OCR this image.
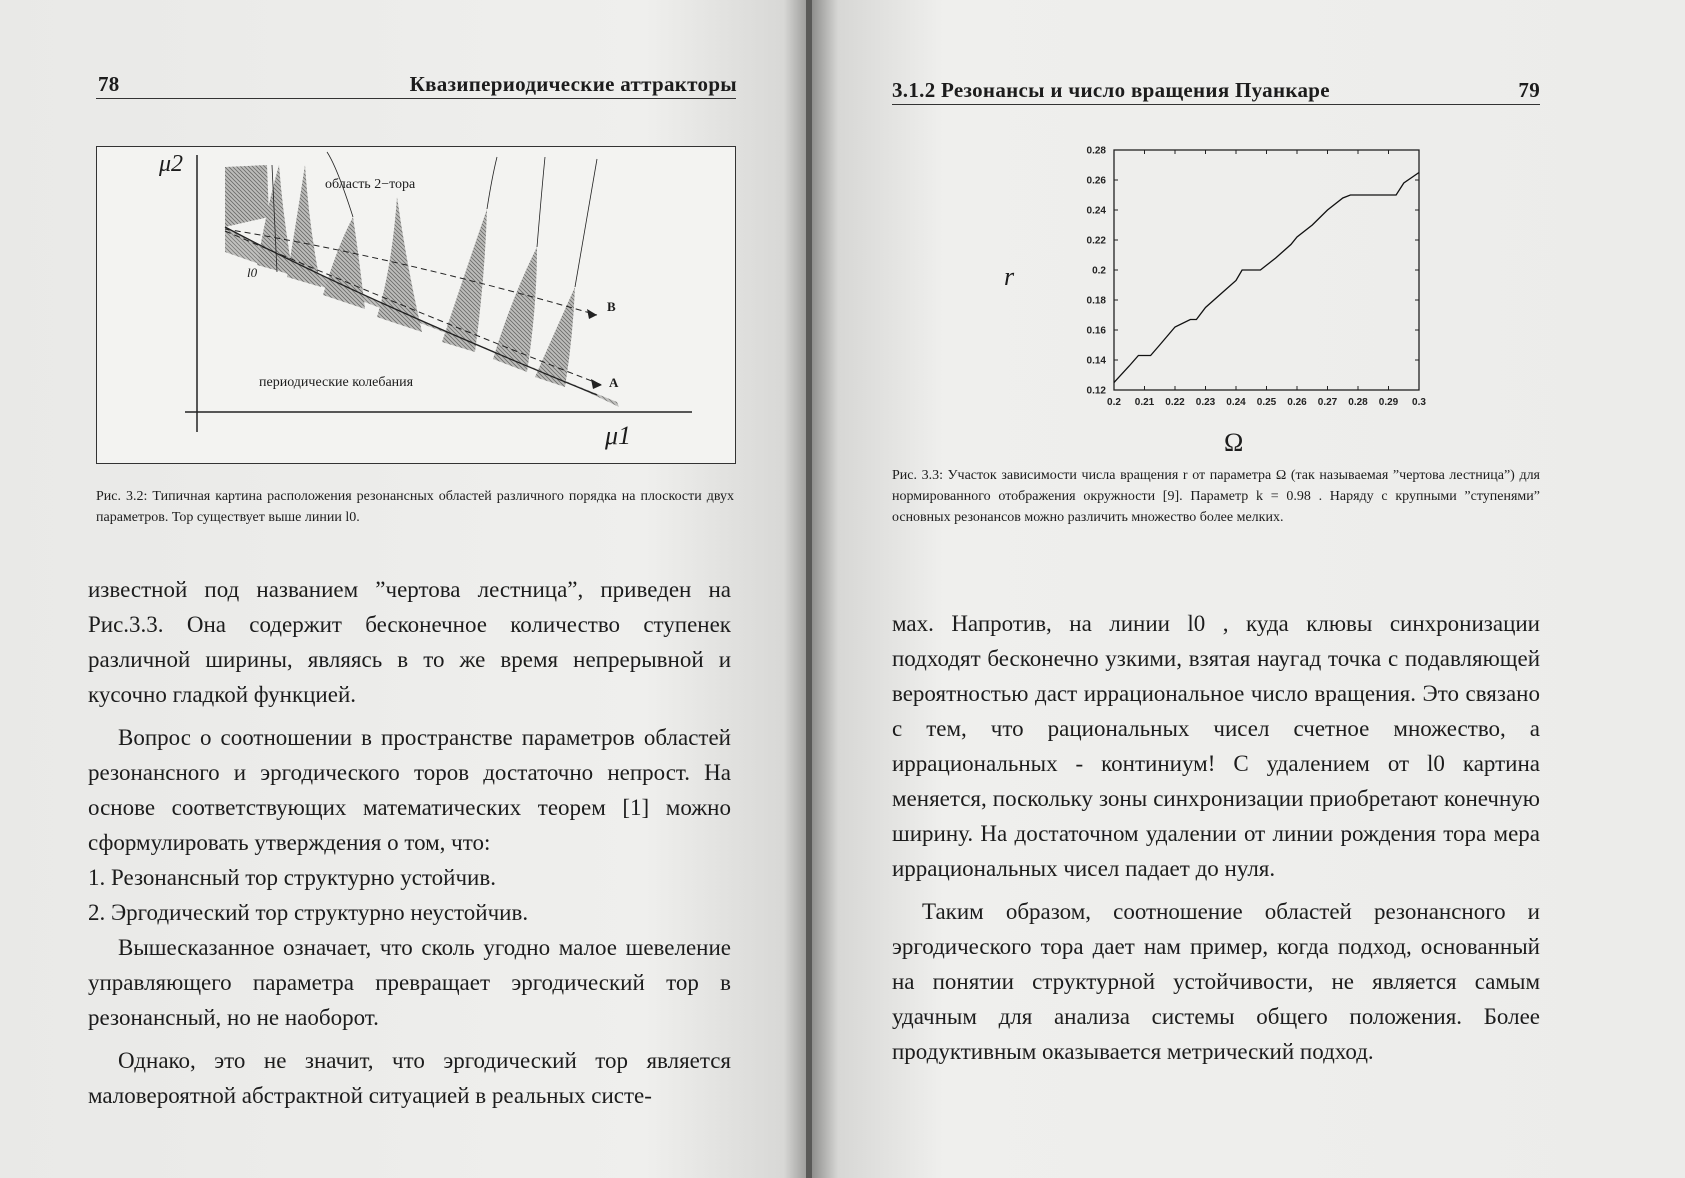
78	Квазипериодические аттракторы
μ2
область 2−тора
l0
B
A
периодические колебания
μ1
Рис. 3.2: Типичная картина расположения резонансных областей различного порядка на плоскости двух параметров. Тор существует выше линии l0.

известной под названием ”чертова лестница”, приведен на Рис.3.3. Она содержит бесконечное количество ступенек различной ширины, являясь в то же время непрерывной и кусочно гладкой функцией.

Вопрос о соотношении в пространстве параметров областей резонансного и эргодического торов достаточно непрост. На основе соответствующих математических теорем [1] можно сформулировать утверждения о том, что:

1. Резонансный тор структурно устойчив.

2. Эргодический тор структурно неустойчив.

Вышесказанное означает, что сколь угодно малое шевеление управляющего параметра превращает эргодический тор в резонансный, но не наоборот.

Однако, это не значит, что эргодический тор является маловероятной абстрактной ситуацией в реальных систе-

3.1.2 Резонансы и число вращения Пуанкаре	79
0.2 0.21 0.22 0.23 0.24 0.25 0.26 0.27 0.28 0.29 0.3
0.12
0.14
0.16
0.18
0.2
0.22
0.24
0.26
0.28
r
Ω
Рис. 3.3: Участок зависимости числа вращения r от параметра Ω (так называемая ”чертова лестница”) для нормированного отображения окружности [9]. Параметр k = 0.98 . Наряду с крупными ”ступенями” основных резонансов можно различить множество более мелких.

мах. Напротив, на линии l0 , куда клювы синхронизации подходят бесконечно узкими, взятая наугад точка с подавляющей вероятностью даст иррациональное число вращения. Это связано с тем, что рациональных чисел счетное множество, а иррациональных - континиум! С удалением от l0 картина меняется, поскольку зоны синхронизации приобретают конечную ширину. На достаточном удалении от линии рождения тора мера иррациональных чисел падает до нуля.

Таким образом, соотношение областей резонансного и эргодического тора дает нам пример, когда подход, основанный на понятии структурной устойчивости, не является самым удачным для анализа системы общего положения. Более продуктивным оказывается метрический подход.
